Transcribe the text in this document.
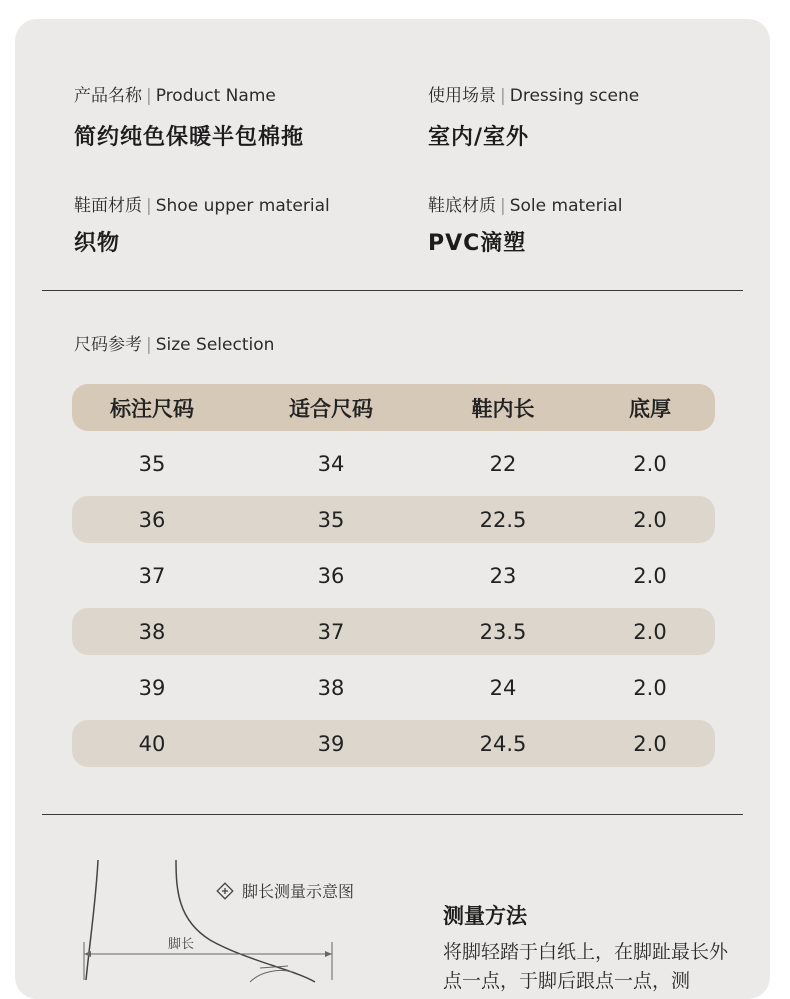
产品名称 | Product Name
简约纯色保暖半包棉拖
使用场景 | Dressing scene
室内/室外
鞋面材质 | Shoe upper material
织物
鞋底材质 | Sole material
PVC滴塑
尺码参考 | Size Selection
标注尺码	适合尺码	鞋内长	底厚
35	34	22	2.0
36	35	22.5	2.0
37	36	23	2.0
38	37	23.5	2.0
39	38	24	2.0
40	39	24.5	2.0
脚长
脚长测量示意图
测量方法
将脚轻踏于白纸上，在脚趾最长外点一点，于脚后跟点一点，测
